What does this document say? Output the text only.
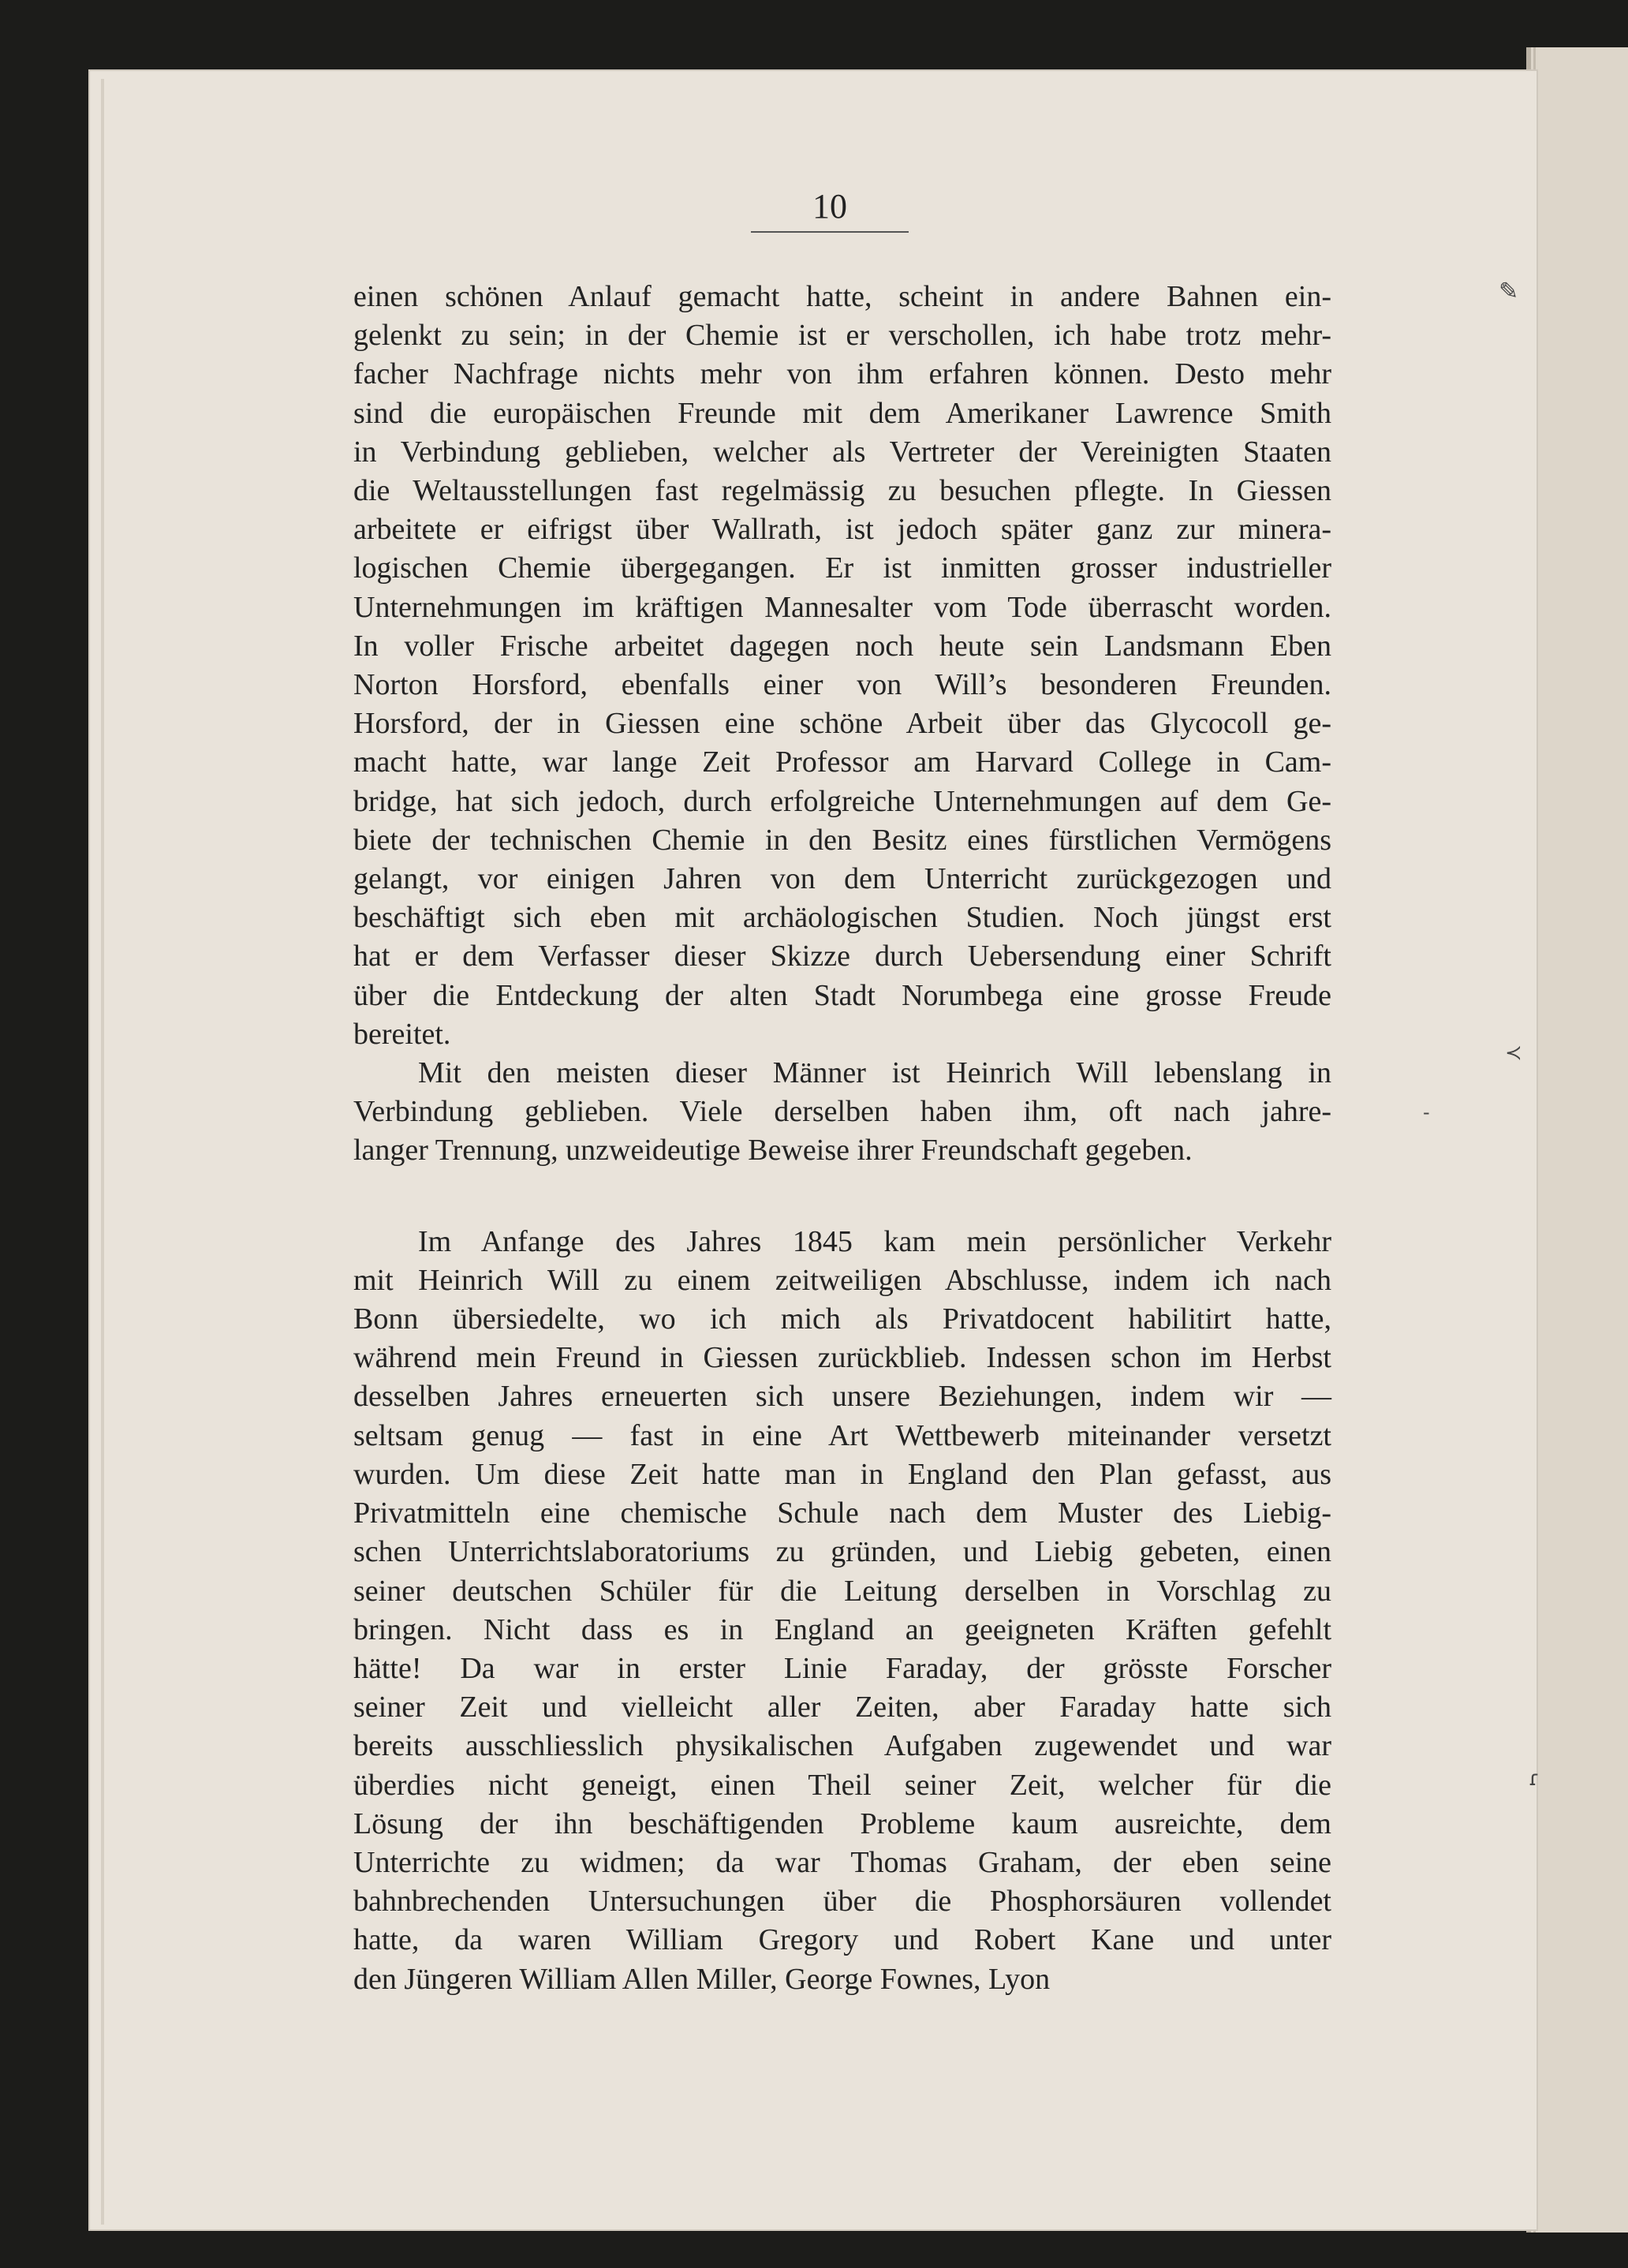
10
einen schönen Anlauf gemacht hatte, scheint in andere Bahnen ein-
gelenkt zu sein; in der Chemie ist er verschollen, ich habe trotz mehr-
facher Nachfrage nichts mehr von ihm erfahren können. Desto mehr
sind die europäischen Freunde mit dem Amerikaner Lawrence Smith
in Verbindung geblieben, welcher als Vertreter der Vereinigten Staaten
die Weltausstellungen fast regelmässig zu besuchen pflegte. In Giessen
arbeitete er eifrigst über Wallrath, ist jedoch später ganz zur minera-
logischen Chemie übergegangen. Er ist inmitten grosser industrieller
Unternehmungen im kräftigen Mannesalter vom Tode überrascht worden.
In voller Frische arbeitet dagegen noch heute sein Landsmann Eben
Norton Horsford, ebenfalls einer von Will’s besonderen Freunden.
Horsford, der in Giessen eine schöne Arbeit über das Glycocoll ge-
macht hatte, war lange Zeit Professor am Harvard College in Cam-
bridge, hat sich jedoch, durch erfolgreiche Unternehmungen auf dem Ge-
biete der technischen Chemie in den Besitz eines fürstlichen Vermögens
gelangt, vor einigen Jahren von dem Unterricht zurückgezogen und
beschäftigt sich eben mit archäologischen Studien. Noch jüngst erst
hat er dem Verfasser dieser Skizze durch Uebersendung einer Schrift
über die Entdeckung der alten Stadt Norumbega eine grosse Freude
bereitet.
Mit den meisten dieser Männer ist Heinrich Will lebenslang in
Verbindung geblieben. Viele derselben haben ihm, oft nach jahre-
langer Trennung, unzweideutige Beweise ihrer Freundschaft gegeben.
Im Anfange des Jahres 1845 kam mein persönlicher Verkehr
mit Heinrich Will zu einem zeitweiligen Abschlusse, indem ich nach
Bonn übersiedelte, wo ich mich als Privatdocent habilitirt hatte,
während mein Freund in Giessen zurückblieb. Indessen schon im Herbst
desselben Jahres erneuerten sich unsere Beziehungen, indem wir —
seltsam genug — fast in eine Art Wettbewerb miteinander versetzt
wurden. Um diese Zeit hatte man in England den Plan gefasst, aus
Privatmitteln eine chemische Schule nach dem Muster des Liebig-
schen Unterrichtslaboratoriums zu gründen, und Liebig gebeten, einen
seiner deutschen Schüler für die Leitung derselben in Vorschlag zu
bringen. Nicht dass es in England an geeigneten Kräften gefehlt
hätte! Da war in erster Linie Faraday, der grösste Forscher
seiner Zeit und vielleicht aller Zeiten, aber Faraday hatte sich
bereits ausschliesslich physikalischen Aufgaben zugewendet und war
überdies nicht geneigt, einen Theil seiner Zeit, welcher für die
Lösung der ihn beschäftigenden Probleme kaum ausreichte, dem
Unterrichte zu widmen; da war Thomas Graham, der eben seine
bahnbrechenden Untersuchungen über die Phosphorsäuren vollendet
hatte, da waren William Gregory und Robert Kane und unter
den Jüngeren William Allen Miller, George Fownes, Lyon
✎
≺
-
ɾ
